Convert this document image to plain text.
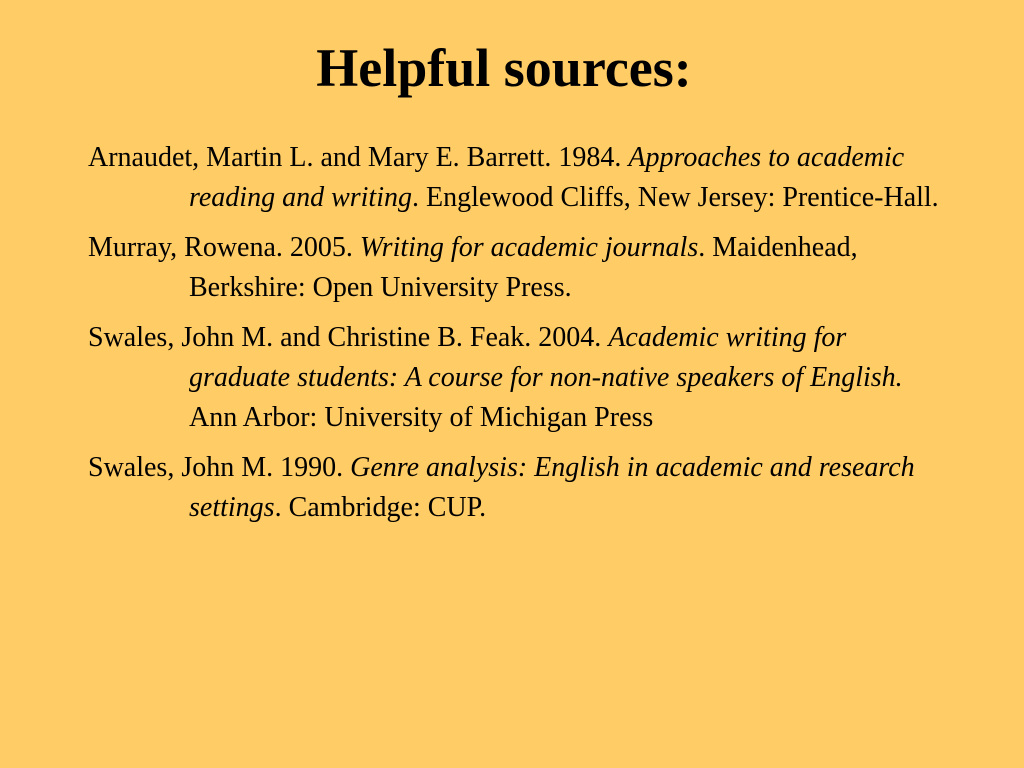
Helpful sources:
Arnaudet, Martin L. and Mary E. Barrett. 1984. Approaches to academic reading and writing. Englewood Cliffs, New Jersey: Prentice-Hall.
Murray, Rowena. 2005. Writing for academic journals. Maidenhead, Berkshire: Open University Press.
Swales, John M. and Christine B. Feak. 2004. Academic writing for graduate students: A course for non-native speakers of English. Ann Arbor: University of Michigan Press
Swales, John M. 1990. Genre analysis: English in academic and research settings. Cambridge: CUP.
